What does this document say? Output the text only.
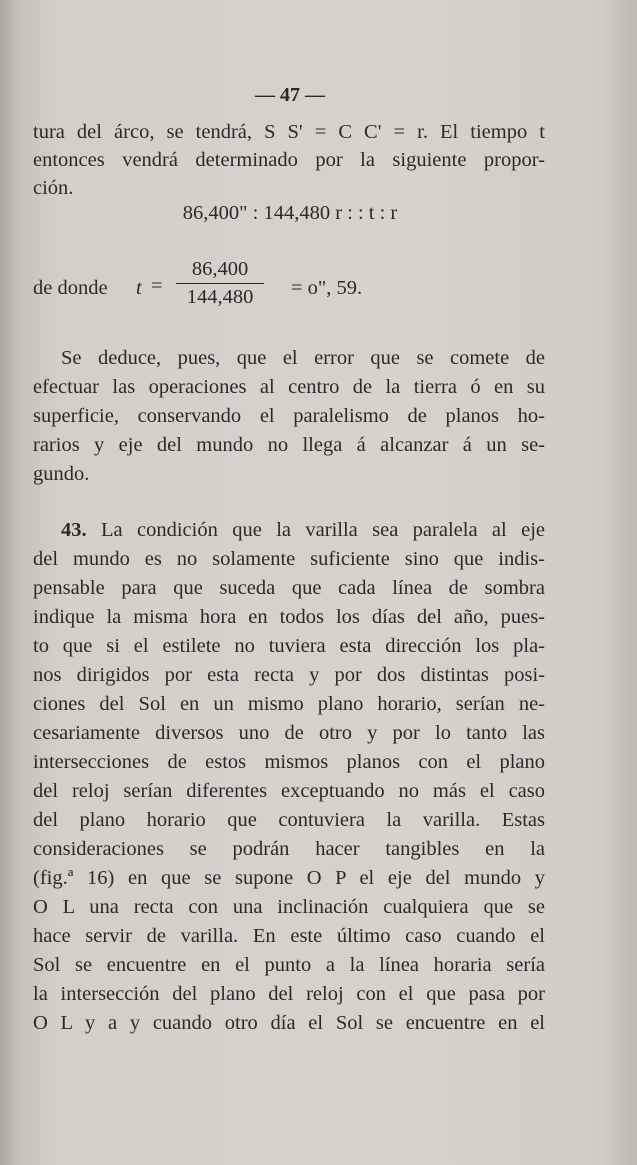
— 47 —
tura del árco, se tendrá, S S' = C C' = r. El tiempo t
entonces vendrá determinado por la siguiente propor-
ción.
86,400" : 144,480 r : : t : r
de donde t =
86,400
144,480	= o", 59.
Se deduce, pues, que el error que se comete de
efectuar las operaciones al centro de la tierra ó en su
superficie, conservando el paralelismo de planos ho-
rarios y eje del mundo no llega á alcanzar á un se-
gundo.
43. La condición que la varilla sea paralela al eje
del mundo es no solamente suficiente sino que indis-
pensable para que suceda que cada línea de sombra
indique la misma hora en todos los días del año, pues-
to que si el estilete no tuviera esta dirección los pla-
nos dirigidos por esta recta y por dos distintas posi-
ciones del Sol en un mismo plano horario, serían ne-
cesariamente diversos uno de otro y por lo tanto las
intersecciones de estos mismos planos con el plano
del reloj serían diferentes exceptuando no más el caso
del plano horario que contuviera la varilla. Estas
consideraciones se podrán hacer tangibles en la
(fig.ª 16) en que se supone O P el eje del mundo y
O L una recta con una inclinación cualquiera que se
hace servir de varilla. En este último caso cuando el
Sol se encuentre en el punto a la línea horaria sería
la intersección del plano del reloj con el que pasa por
O L y a y cuando otro día el Sol se encuentre en el
